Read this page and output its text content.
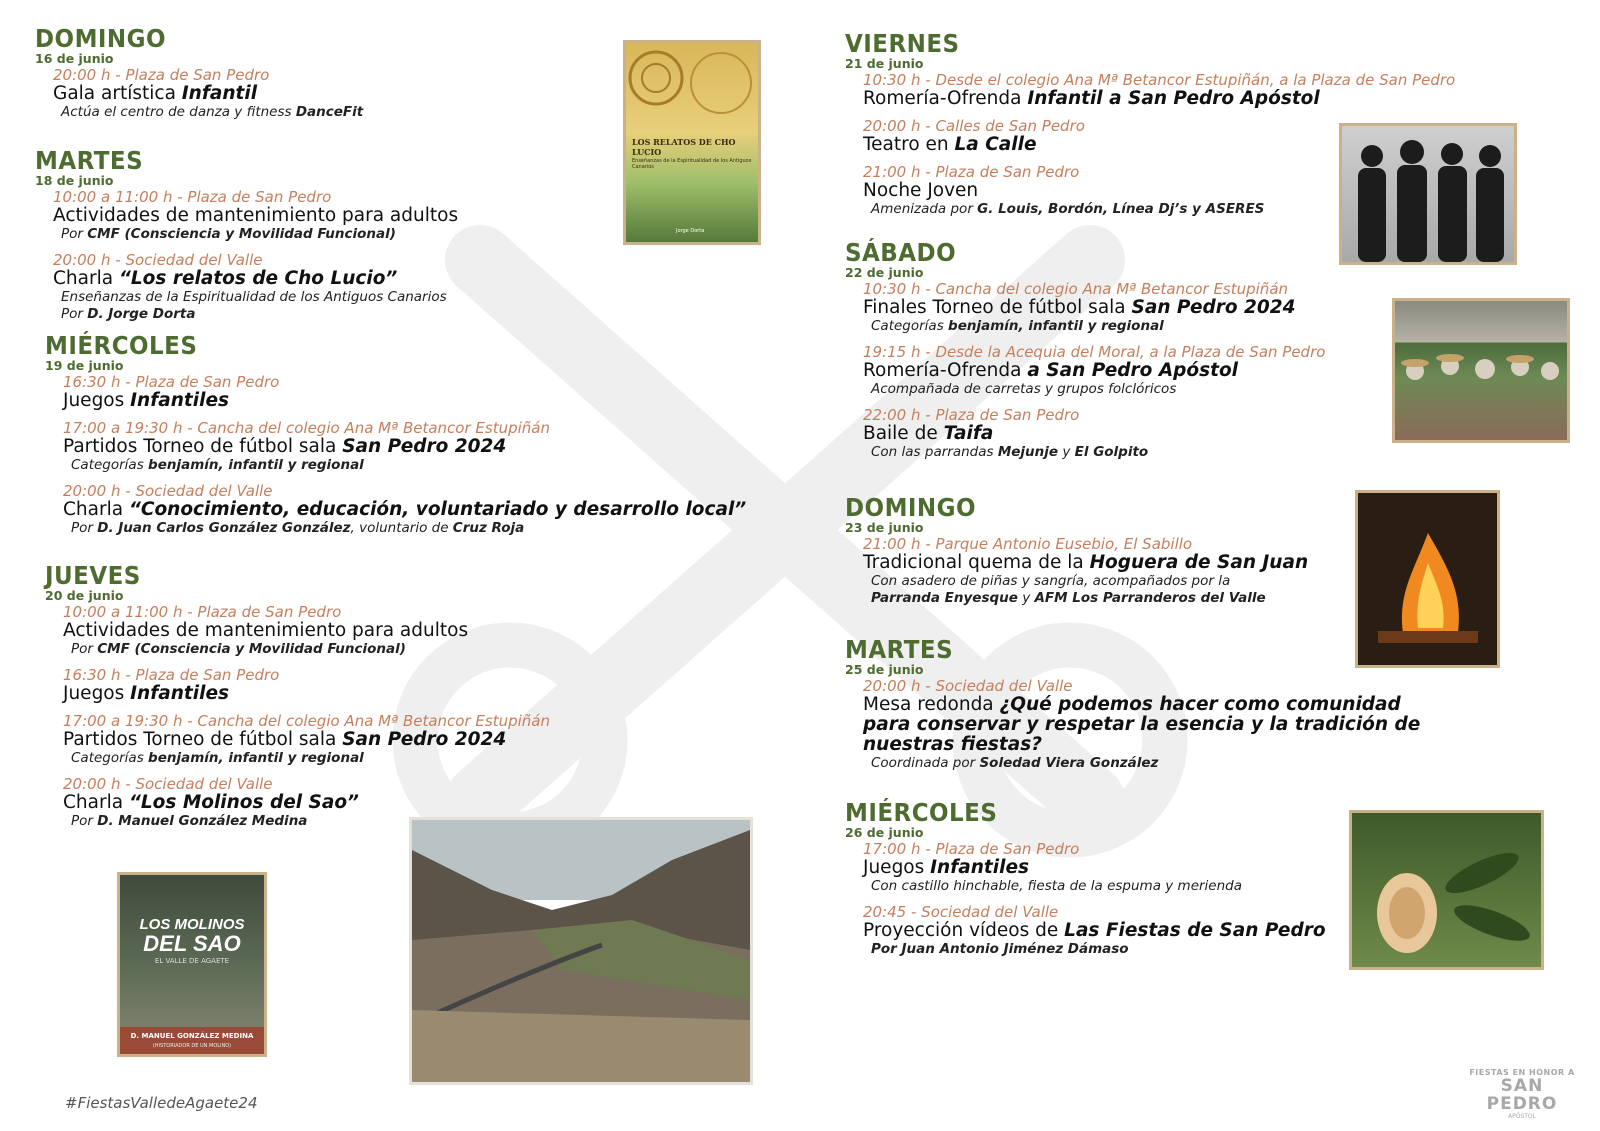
DOMINGO
16 de junio
20:00 h - Plaza de San Pedro
Gala artística Infantil
Actúa el centro de danza y fitness DanceFit
MARTES
18 de junio
10:00 a 11:00 h - Plaza de San Pedro
Actividades de mantenimiento para adultos
Por CMF (Consciencia y Movilidad Funcional)
20:00 h - Sociedad del Valle
Charla “Los relatos de Cho Lucio”
Enseñanzas de la Espiritualidad de los Antiguos Canarios
Por D. Jorge Dorta
MIÉRCOLES
19 de junio
16:30 h - Plaza de San Pedro
Juegos Infantiles
17:00 a 19:30 h - Cancha del colegio Ana Mª Betancor Estupiñán
Partidos Torneo de fútbol sala San Pedro 2024
Categorías benjamín, infantil y regional
20:00 h - Sociedad del Valle
Charla “Conocimiento, educación, voluntariado y desarrollo local”
Por D. Juan Carlos González González, voluntario de Cruz Roja
JUEVES
20 de junio
10:00 a 11:00 h - Plaza de San Pedro
Actividades de mantenimiento para adultos
Por CMF (Consciencia y Movilidad Funcional)
16:30 h - Plaza de San Pedro
Juegos Infantiles
17:00 a 19:30 h - Cancha del colegio Ana Mª Betancor Estupiñán
Partidos Torneo de fútbol sala San Pedro 2024
Categorías benjamín, infantil y regional
20:00 h - Sociedad del Valle
Charla “Los Molinos del Sao”
Por D. Manuel González Medina
LOS RELATOS DE CHO LUCIO
Enseñanzas de la Espiritualidad de los Antiguos Canarios
Jorge Dorta
LOS MOLINOS
DEL SAO
EL VALLE DE AGAETE
D. MANUEL GONZÁLEZ MEDINA
(HISTORIADOR DE UN MOLINO)
VIERNES
21 de junio
10:30 h - Desde el colegio Ana Mª Betancor Estupiñán, a la Plaza de San Pedro
Romería-Ofrenda Infantil a San Pedro Apóstol
20:00 h - Calles de San Pedro
Teatro en La Calle
21:00 h - Plaza de San Pedro
Noche Joven
Amenizada por G. Louis, Bordón, Línea Dj’s y ASERES
SÁBADO
22 de junio
10:30 h - Cancha del colegio Ana Mª Betancor Estupiñán
Finales Torneo de fútbol sala San Pedro 2024
Categorías benjamín, infantil y regional
19:15 h - Desde la Acequia del Moral, a la Plaza de San Pedro
Romería-Ofrenda a San Pedro Apóstol
Acompañada de carretas y grupos folclóricos
22:00 h - Plaza de San Pedro
Baile de Taifa
Con las parrandas Mejunje y El Golpito
DOMINGO
23 de junio
21:00 h - Parque Antonio Eusebio, El Sabillo
Tradicional quema de la Hoguera de San Juan
Con asadero de piñas y sangría, acompañados por la
Parranda Enyesque y AFM Los Parranderos del Valle
MARTES
25 de junio
20:00 h - Sociedad del Valle
Mesa redonda ¿Qué podemos hacer como comunidad
para conservar y respetar la esencia y la tradición de
nuestras fiestas?
Coordinada por Soledad Viera González
MIÉRCOLES
26 de junio
17:00 h - Plaza de San Pedro
Juegos Infantiles
Con castillo hinchable, fiesta de la espuma y merienda
20:45 - Sociedad del Valle
Proyección vídeos de Las Fiestas de San Pedro
Por Juan Antonio Jiménez Dámaso
#FiestasValledeAgaete24
FIESTAS EN HONOR A
SAN PEDRO
APÓSTOL
